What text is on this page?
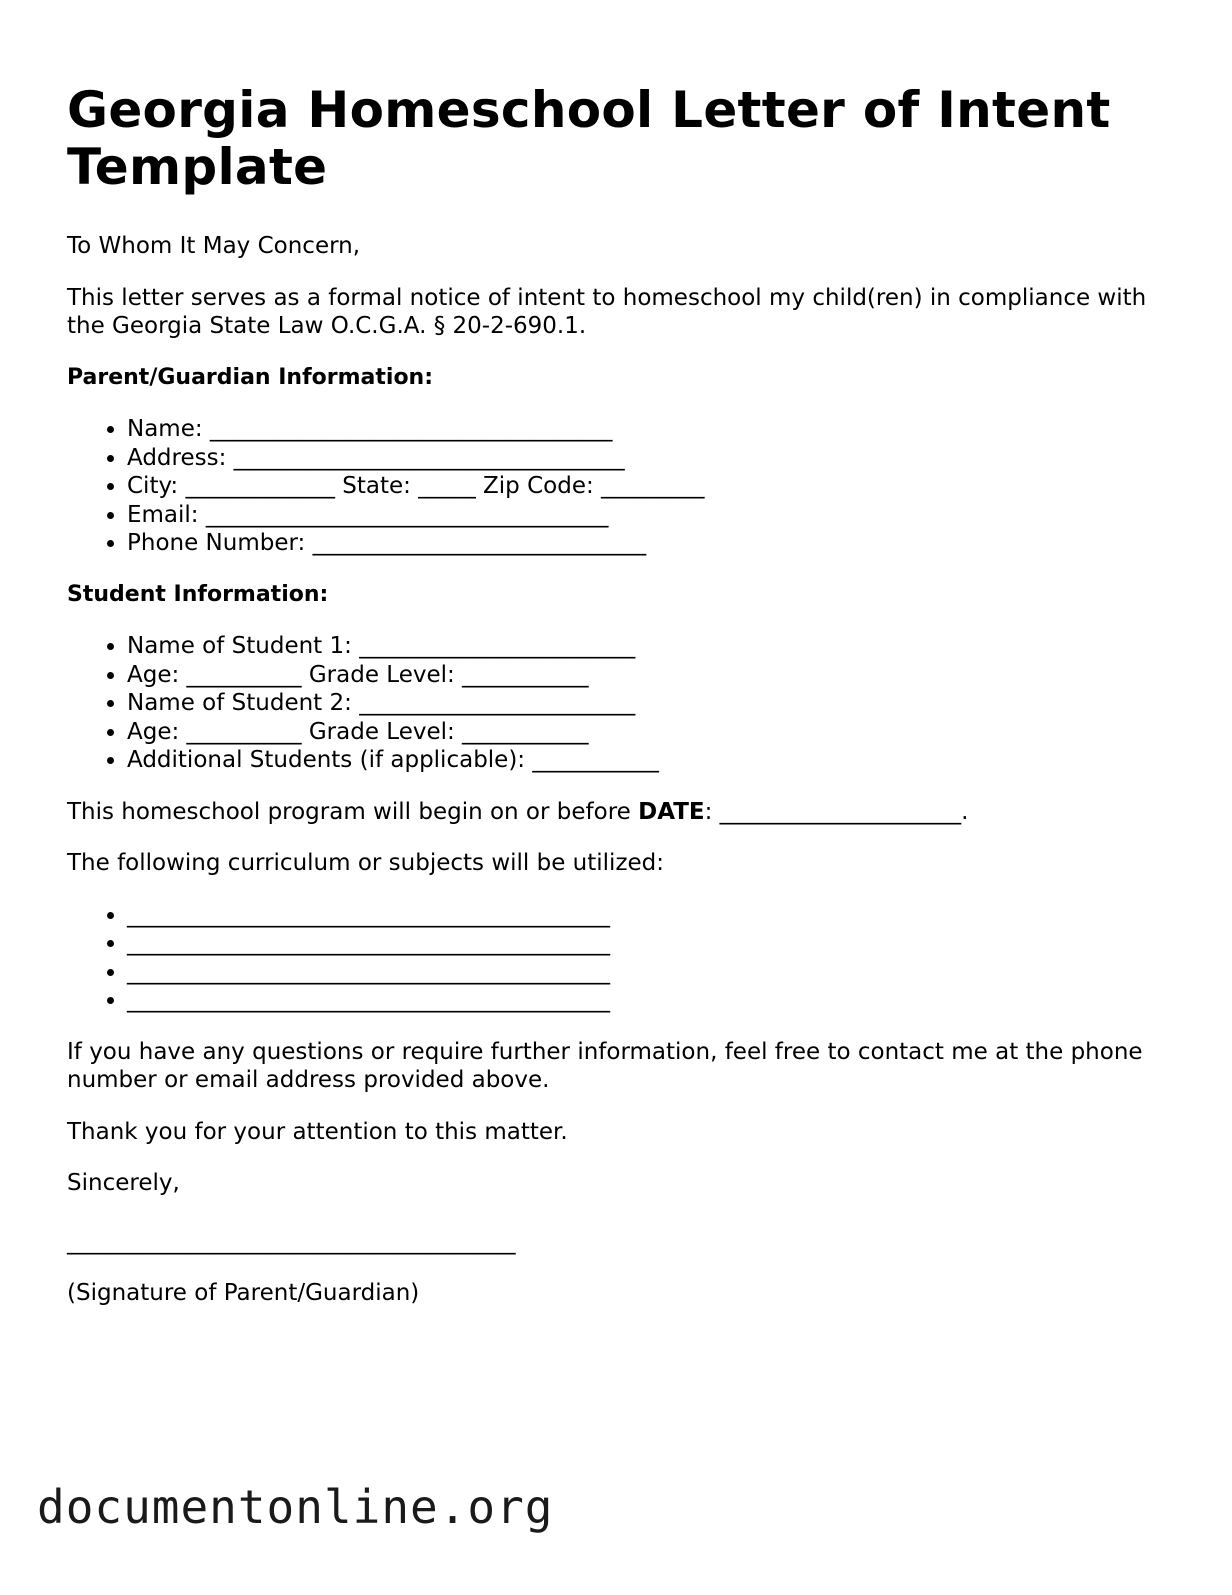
Georgia Homeschool Letter of Intent Template

To Whom It May Concern,

This letter serves as a formal notice of intent to homeschool my child(ren) in compliance with the Georgia State Law O.C.G.A. § 20-2-690.1.

Parent/Guardian Information:

• Name: ___________________________________
• Address: __________________________________
• City: _____________ State: _____ Zip Code: _________
• Email: ___________________________________
• Phone Number: _____________________________

Student Information:

• Name of Student 1: ________________________
• Age: __________ Grade Level: ___________
• Name of Student 2: ________________________
• Age: __________ Grade Level: ___________
• Additional Students (if applicable): ___________

This homeschool program will begin on or before DATE: _____________________.

The following curriculum or subjects will be utilized:

• __________________________________________
• __________________________________________
• __________________________________________
• __________________________________________

If you have any questions or require further information, feel free to contact me at the phone number or email address provided above.

Thank you for your attention to this matter.

Sincerely,

_______________________________________

(Signature of Parent/Guardian)

documentonline.org
